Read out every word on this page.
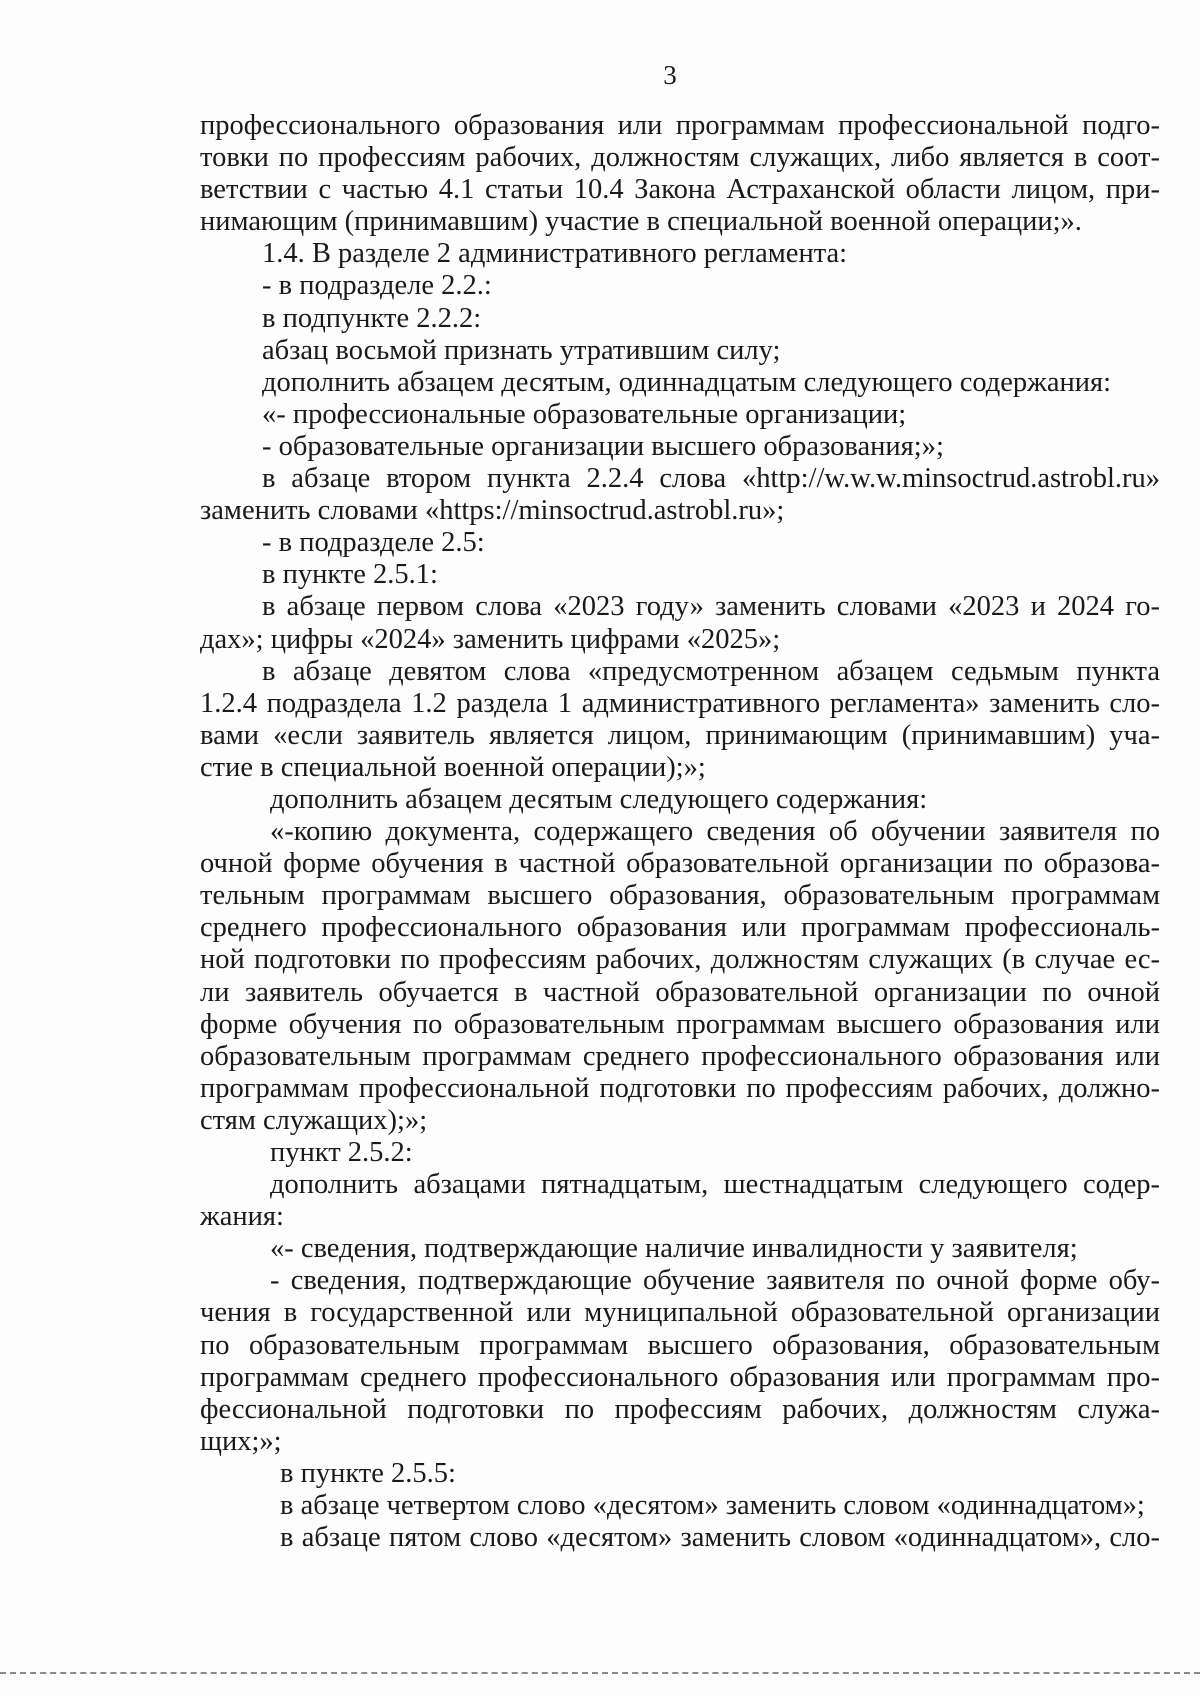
3

профессионального образования или программам профессиональной подго-

товки по профессиям рабочих, должностям служащих, либо является в соот-

ветствии с частью 4.1 статьи 10.4 Закона Астраханской области лицом, при-

нимающим (принимавшим) участие в специальной военной операции;».

1.4. В разделе 2 административного регламента:

- в подразделе 2.2.:

в подпункте 2.2.2:

абзац восьмой признать утратившим силу;

дополнить абзацем десятым, одиннадцатым следующего содержания:

«- профессиональные образовательные организации;

- образовательные организации высшего образования;»;

в абзаце втором пункта 2.2.4 слова «http://w.w.w.minsoctrud.astrobl.ru»

заменить словами «https://minsoctrud.astrobl.ru»;

- в подразделе 2.5:

в пункте 2.5.1:

в абзаце первом слова «2023 году» заменить словами «2023 и 2024 го-

дах»; цифры «2024» заменить цифрами «2025»;

в абзаце девятом слова «предусмотренном абзацем седьмым пункта

1.2.4 подраздела 1.2 раздела 1 административного регламента» заменить сло-

вами «если заявитель является лицом, принимающим (принимавшим) уча-

стие в специальной военной операции);»;

дополнить абзацем десятым следующего содержания:

«-копию документа, содержащего сведения об обучении заявителя по

очной форме обучения в частной образовательной организации по образова-

тельным программам высшего образования, образовательным программам

среднего профессионального образования или программам профессиональ-

ной подготовки по профессиям рабочих, должностям служащих (в случае ес-

ли заявитель обучается в частной образовательной организации по очной

форме обучения по образовательным программам высшего образования или

образовательным программам среднего профессионального образования или

программам профессиональной подготовки по профессиям рабочих, должно-

стям служащих);»;

пункт 2.5.2:

дополнить абзацами пятнадцатым, шестнадцатым следующего содер-

жания:

«- сведения, подтверждающие наличие инвалидности у заявителя;

- сведения, подтверждающие обучение заявителя по очной форме обу-

чения в государственной или муниципальной образовательной организации

по образовательным программам высшего образования, образовательным

программам среднего профессионального образования или программам про-

фессиональной подготовки по профессиям рабочих, должностям служа-

щих;»;

в пункте 2.5.5:

в абзаце четвертом слово «десятом» заменить словом «одиннадцатом»;

в абзаце пятом слово «десятом» заменить словом «одиннадцатом», сло-
